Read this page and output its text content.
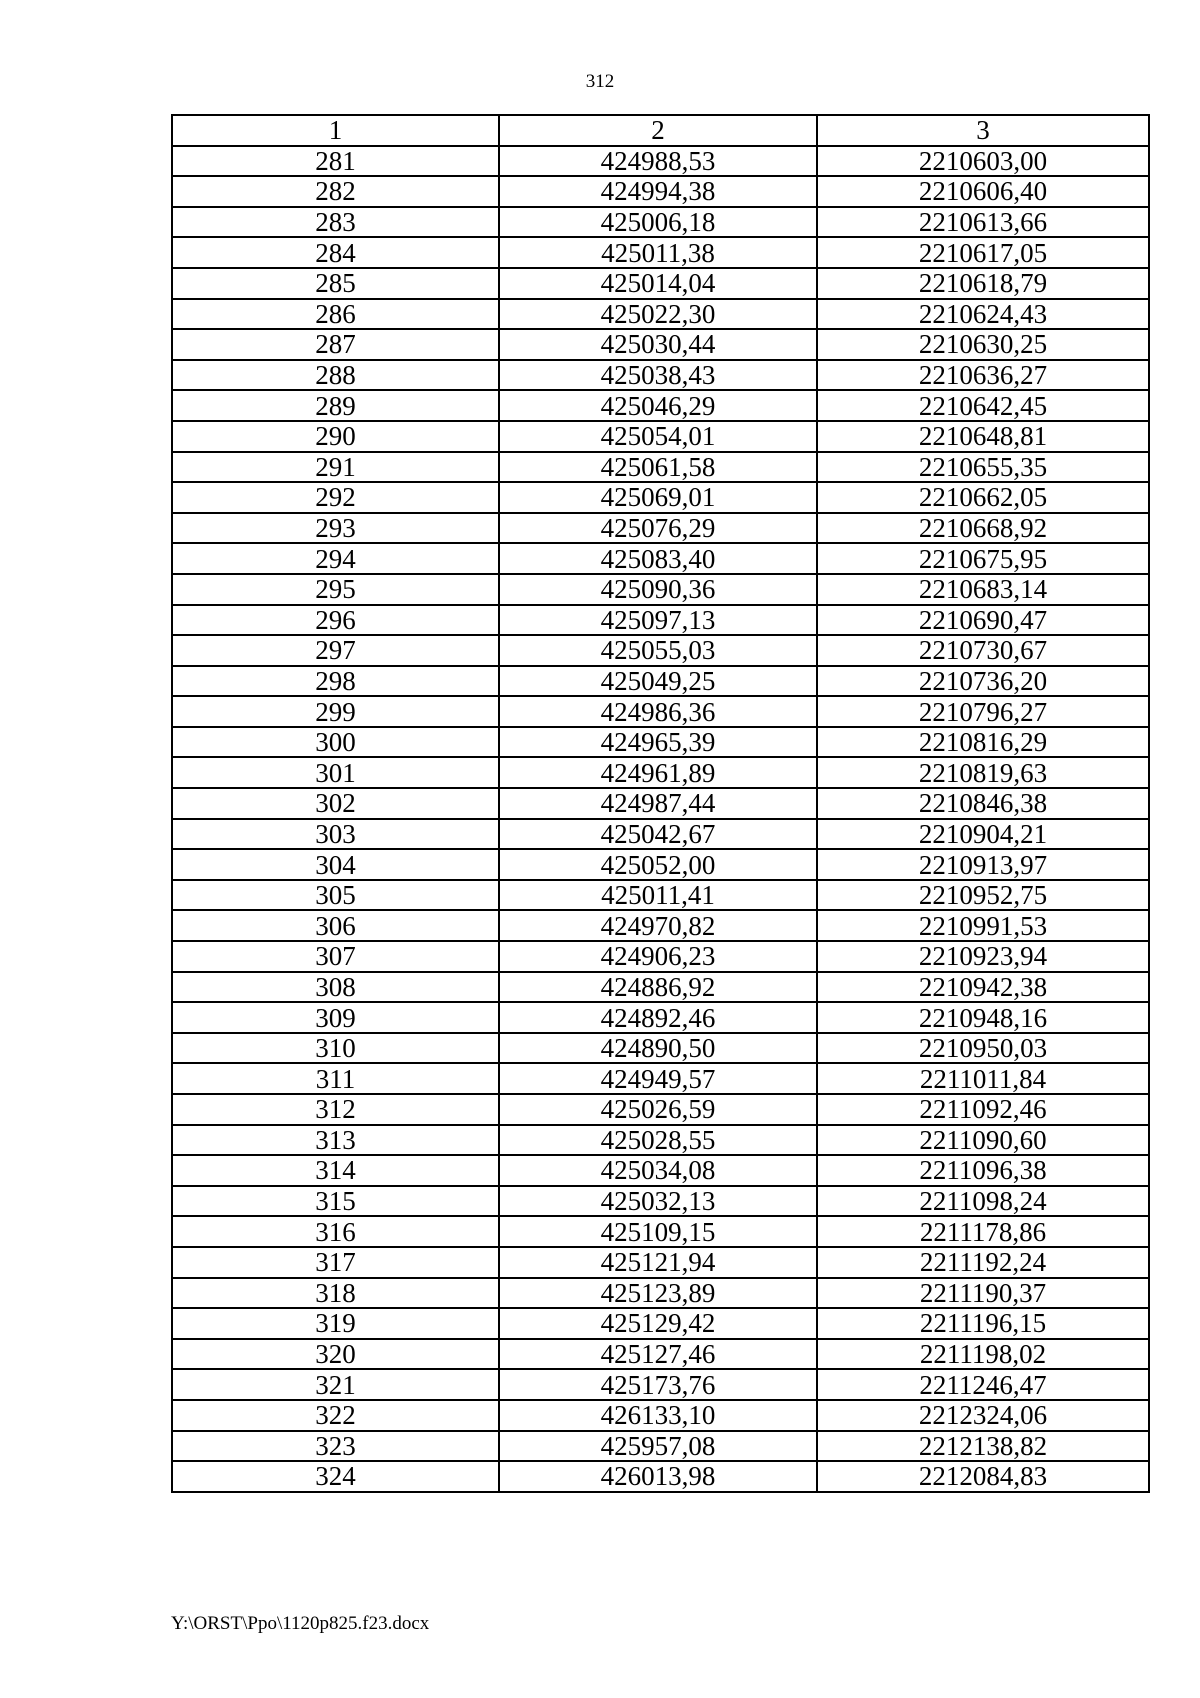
312
1	2	3
281	424988,53	2210603,00
282	424994,38	2210606,40
283	425006,18	2210613,66
284	425011,38	2210617,05
285	425014,04	2210618,79
286	425022,30	2210624,43
287	425030,44	2210630,25
288	425038,43	2210636,27
289	425046,29	2210642,45
290	425054,01	2210648,81
291	425061,58	2210655,35
292	425069,01	2210662,05
293	425076,29	2210668,92
294	425083,40	2210675,95
295	425090,36	2210683,14
296	425097,13	2210690,47
297	425055,03	2210730,67
298	425049,25	2210736,20
299	424986,36	2210796,27
300	424965,39	2210816,29
301	424961,89	2210819,63
302	424987,44	2210846,38
303	425042,67	2210904,21
304	425052,00	2210913,97
305	425011,41	2210952,75
306	424970,82	2210991,53
307	424906,23	2210923,94
308	424886,92	2210942,38
309	424892,46	2210948,16
310	424890,50	2210950,03
311	424949,57	2211011,84
312	425026,59	2211092,46
313	425028,55	2211090,60
314	425034,08	2211096,38
315	425032,13	2211098,24
316	425109,15	2211178,86
317	425121,94	2211192,24
318	425123,89	2211190,37
319	425129,42	2211196,15
320	425127,46	2211198,02
321	425173,76	2211246,47
322	426133,10	2212324,06
323	425957,08	2212138,82
324	426013,98	2212084,83
Y:\ORST\Ppo\1120p825.f23.docx
